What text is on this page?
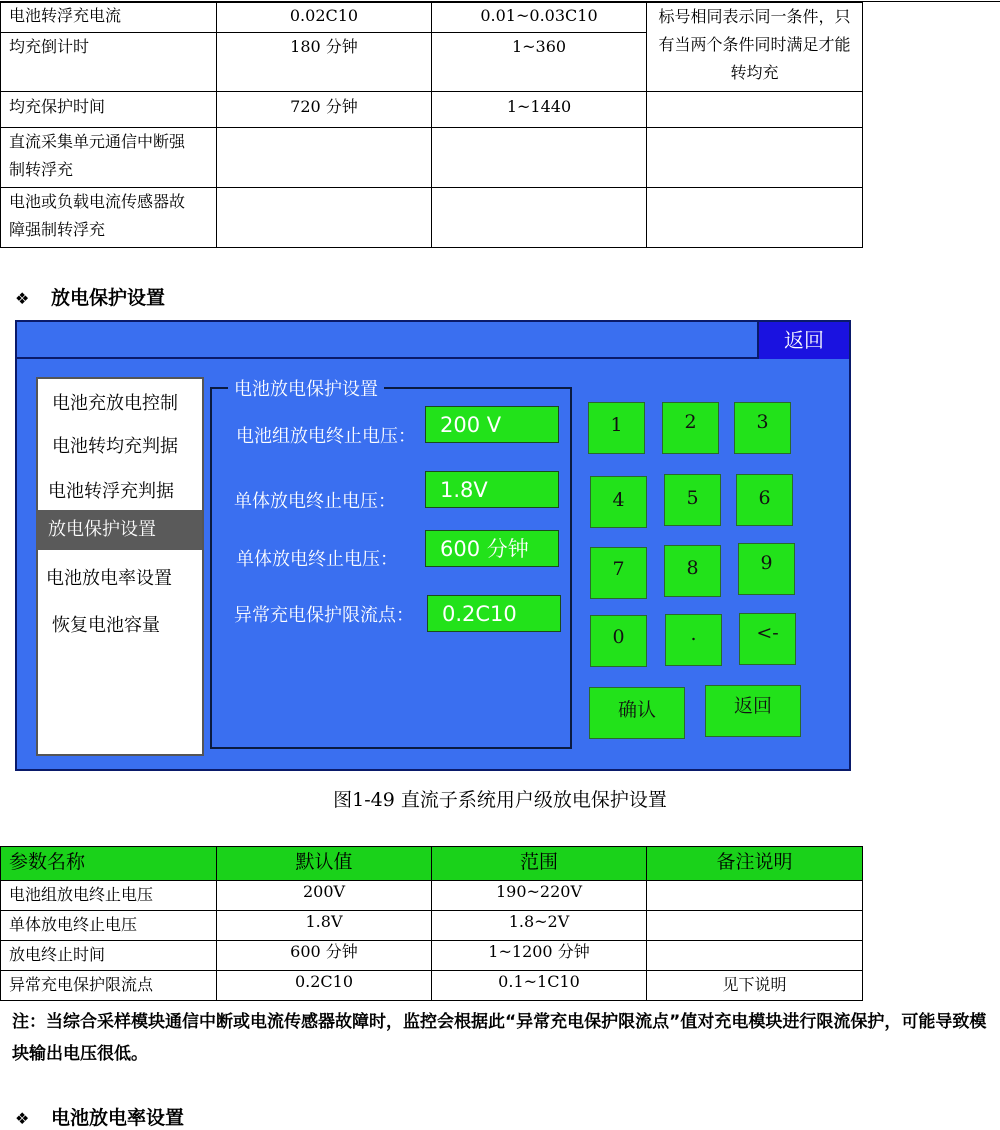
电池转浮充电流	0.02C10	0.01~0.03C10	标号相同表示同一条件，只有当两个条件同时满足才能转均充

均充倒计时	180 分钟	1~360	
均充保护时间	720 分钟	1~1440	
直流采集单元通信中断强制转浮充			
电池或负载电流传感器故障强制转浮充			
❖ 放电保护设置
返回
电池充放电控制
电池转均充判据
电池转浮充判据
放电保护设置
电池放电率设置
恢复电池容量
电池放电保护设置
电池组放电终止电压：	200 V
单体放电终止电压：	1.8V
单体放电终止电压：	600 分钟
异常充电保护限流点：	0.2C10
1	2	3
4	5	6
7	8	9
0	.	<-
确认	返回
图1-49 直流子系统用户级放电保护设置
参数名称	默认值	范围	备注说明
电池组放电终止电压	200V	190~220V	
单体放电终止电压	1.8V	1.8~2V	
放电终止时间	600 分钟	1~1200 分钟	
异常充电保护限流点	0.2C10	0.1~1C10	见下说明
注：当综合采样模块通信中断或电流传感器故障时，监控会根据此“异常充电保护限流点”值对充电模块进行限流保护，可能导致模块输出电压很低。
❖ 电池放电率设置
